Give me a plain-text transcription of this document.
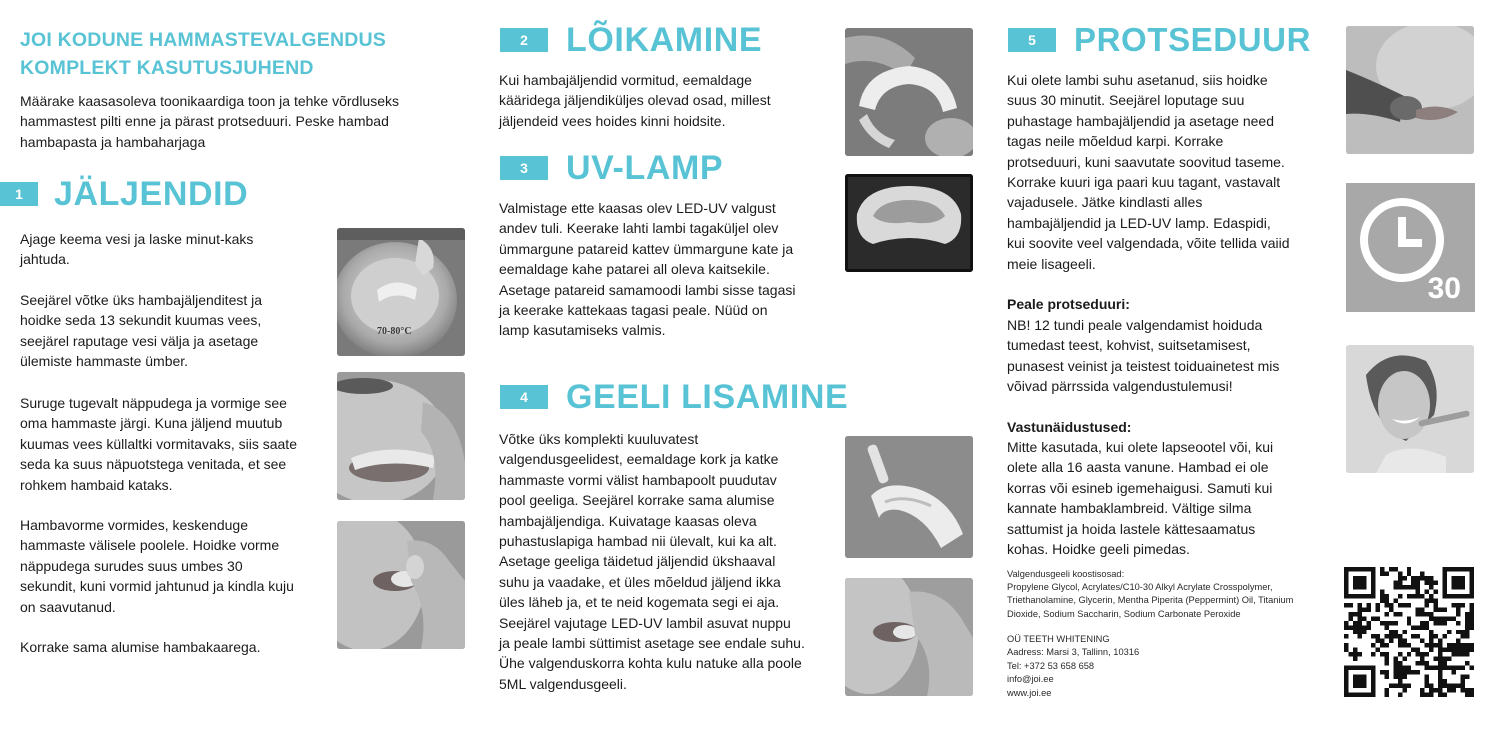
JOI KODUNE HAMMASTEVALGENDUS
KOMPLEKT KASUTUSJUHEND
Määrake kaasasoleva toonikaardiga toon ja tehke võrdluseks
hammastest pilti enne ja pärast protseduuri. Peske hambad
hambapasta ja hambaharjaga
1 JÄLJENDID
Ajage keema vesi ja laske minut-kaks
jahtuda.
Seejärel võtke üks hambajäljenditest ja
hoidke seda 13 sekundit kuumas vees,
seejärel raputage vesi välja ja asetage
ülemiste hammaste ümber.
Suruge tugevalt näppudega ja vormige see
oma hammaste järgi. Kuna jäljend muutub
kuumas vees küllaltki vormitavaks, siis saate
seda ka suus näpuotstega venitada, et see
rohkem hambaid kataks.
Hambavorme vormides, keskenduge
hammaste välisele poolele. Hoidke vorme
näppudega surudes suus umbes 30
sekundit, kuni vormid jahtunud ja kindla kuju
on saavutanud.
Korrake sama alumise hambakaarega.
70-80°C
2	LÕIKAMINE
Kui hambajäljendid vormitud, eemaldage
kääridega jäljendiküljes olevad osad, millest
jäljendeid vees hoides kinni hoidsite.
3	UV-LAMP
Valmistage ette kaasas olev LED-UV valgust
andev tuli. Keerake lahti lambi tagaküljel olev
ümmargune patareid kattev ümmargune kate ja
eemaldage kahe patarei all oleva kaitsekile.
Asetage patareid samamoodi lambi sisse tagasi
ja keerake kattekaas tagasi peale. Nüüd on
lamp kasutamiseks valmis.
4	GEELI LISAMINE
Võtke üks komplekti kuuluvatest
valgendusgeelidest, eemaldage kork ja katke
hammaste vormi välist hambapoolt puudutav
pool geeliga. Seejärel korrake sama alumise
hambajäljendiga. Kuivatage kaasas oleva
puhastuslapiga hambad nii ülevalt, kui ka alt.
Asetage geeliga täidetud jäljendid ükshaaval
suhu ja vaadake, et üles mõeldud jäljend ikka
üles läheb ja, et te neid kogemata segi ei aja.
Seejärel vajutage LED-UV lambil asuvat nuppu
ja peale lambi süttimist asetage see endale suhu.
Ühe valgenduskorra kohta kulu natuke alla poole
5ML valgendusgeeli.
5	PROTSEDUUR
Kui olete lambi suhu asetanud, siis hoidke
suus 30 minutit. Seejärel loputage suu
puhastage hambajäljendid ja asetage need
tagas neile mõeldud karpi. Korrake
protseduuri, kuni saavutate soovitud taseme.
Korrake kuuri iga paari kuu tagant, vastavalt
vajadusele. Jätke kindlasti alles
hambajäljendid ja LED-UV lamp. Edaspidi,
kui soovite veel valgendada, võite tellida vaiid
meie lisageeli.
Peale protseduuri:
NB! 12 tundi peale valgendamist hoiduda
tumedast teest, kohvist, suitsetamisest,
punasest veinist ja teistest toiduainetest mis
võivad pärrssida valgendustulemusi!
Vastunäidustused:
Mitte kasutada, kui olete lapseootel või, kui
olete alla 16 aasta vanune. Hambad ei ole
korras või esineb igemehaigusi. Samuti kui
kannate hambaklambreid. Vältige silma
sattumist ja hoida lastele kättesaamatus
kohas. Hoidke geeli pimedas.
Valgendusgeeli koostisosad:
Propylene Glycol, Acrylates/C10-30 Alkyl Acrylate Crosspolymer,
Triethanolamine, Glycerin, Mentha Piperita (Peppermint) Oil, Titanium
Dioxide, Sodium Saccharin, Sodium Carbonate Peroxide
OÜ TEETH WHITENING
Aadress: Marsi 3, Tallinn, 10316
Tel: +372 53 658 658
info@joi.ee
www.joi.ee
30
